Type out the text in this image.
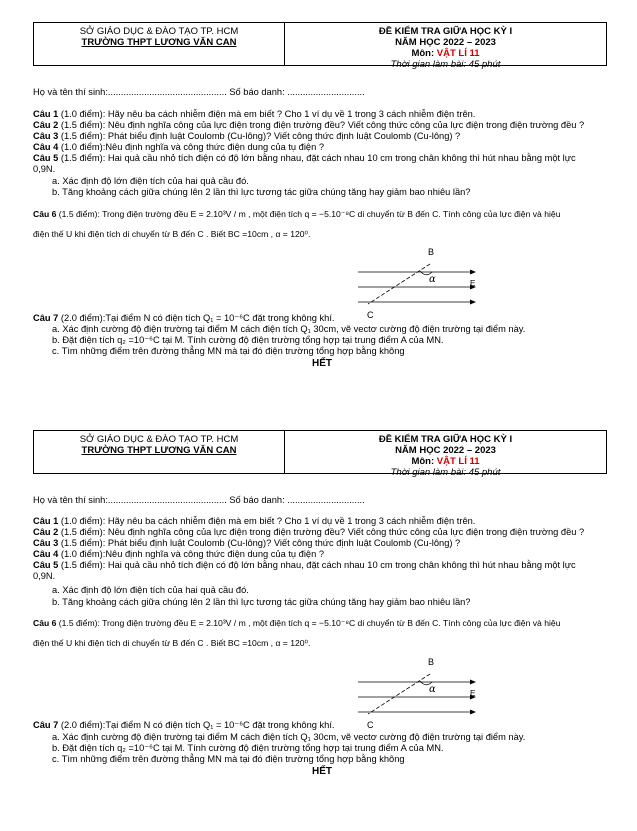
SỞ GIÁO DỤC & ĐÀO TẠO TP. HCM
TRƯỜNG THPT LƯƠNG VĂN CAN
ĐỀ KIỂM TRA GIỮA HỌC KỲ I
NĂM HỌC 2022 – 2023
Môn: VẬT LÍ 11
Thời gian làm bài: 45 phút
Họ và tên thí sinh:.............................................. Số báo danh: ..............................
Câu 1 (1.0 điểm): Hãy nêu ba cách nhiễm điện mà em biết ? Cho 1 ví dụ về 1 trong 3 cách nhiễm điện trên.
Câu 2 (1.5 điểm): Nêu định nghĩa công của lực điện trong điện trường đều? Viết công thức công của lực điện trong điện trường đều ?
Câu 3 (1.5 điểm): Phát biểu định luật Coulomb (Cu-lông)? Viết công thức định luật Coulomb (Cu-lông) ?
Câu 4 (1.0 điểm):Nêu định nghĩa và công thức điện dung của tụ điện ?
Câu 5 (1.5 điểm): Hai quả cầu nhỏ tích điện có độ lớn bằng nhau, đặt cách nhau 10 cm trong chân không thì hút nhau bằng một lực
0,9N.
a. Xác định độ lớn điện tích của hai quả cầu đó.
b. Tăng khoảng cách giữa chúng lên 2 lần thì lực tương tác giữa chúng tăng hay giảm bao nhiêu lần?
Câu 6 (1.5 điểm): Trong điện trường đều E = 2.10³V / m , một điện tích q = −5.10⁻⁸C di chuyển từ B đến C. Tính công của lực điện và hiệu
điện thế U khi điện tích di chuyển từ B đến C . Biết BC =10cm , α = 120⁰.
B
α	E
C
Câu 7 (2.0 điểm):Tại điểm N có điện tích Q₁ = 10⁻⁶C đặt trong không khí.
a. Xác định cường độ điện trường tại điểm M cách điện tích Q₁ 30cm, vẽ vectơ cường độ điện trường tại điểm này.
b. Đặt điện tích q₂ =10⁻⁶C tại M. Tính cường độ điện trường tổng hợp tại trung điểm A của MN.
c. Tìm những điểm trên đường thẳng MN mà tại đó điện trường tổng hợp bằng không
HẾT
SỞ GIÁO DỤC & ĐÀO TẠO TP. HCM
TRƯỜNG THPT LƯƠNG VĂN CAN
ĐỀ KIỂM TRA GIỮA HỌC KỲ I
NĂM HỌC 2022 – 2023
Môn: VẬT LÍ 11
Thời gian làm bài: 45 phút
Họ và tên thí sinh:.............................................. Số báo danh: ..............................
Câu 1 (1.0 điểm): Hãy nêu ba cách nhiễm điện mà em biết ? Cho 1 ví dụ về 1 trong 3 cách nhiễm điện trên.
Câu 2 (1.5 điểm): Nêu định nghĩa công của lực điện trong điện trường đều? Viết công thức công của lực điện trong điện trường đều ?
Câu 3 (1.5 điểm): Phát biểu định luật Coulomb (Cu-lông)? Viết công thức định luật Coulomb (Cu-lông) ?
Câu 4 (1.0 điểm):Nêu định nghĩa và công thức điện dung của tụ điện ?
Câu 5 (1.5 điểm): Hai quả cầu nhỏ tích điện có độ lớn bằng nhau, đặt cách nhau 10 cm trong chân không thì hút nhau bằng một lực
0,9N.
a. Xác định độ lớn điện tích của hai quả cầu đó.
b. Tăng khoảng cách giữa chúng lên 2 lần thì lực tương tác giữa chúng tăng hay giảm bao nhiêu lần?
Câu 6 (1.5 điểm): Trong điện trường đều E = 2.10³V / m , một điện tích q = −5.10⁻⁸C di chuyển từ B đến C. Tính công của lực điện và hiệu
điện thế U khi điện tích di chuyển từ B đến C . Biết BC =10cm , α = 120⁰.
B
α	E
C
Câu 7 (2.0 điểm):Tại điểm N có điện tích Q₁ = 10⁻⁶C đặt trong không khí.
a. Xác định cường độ điện trường tại điểm M cách điện tích Q₁ 30cm, vẽ vectơ cường độ điện trường tại điểm này.
b. Đặt điện tích q₂ =10⁻⁶C tại M. Tính cường độ điện trường tổng hợp tại trung điểm A của MN.
c. Tìm những điểm trên đường thẳng MN mà tại đó điện trường tổng hợp bằng không
HẾT
